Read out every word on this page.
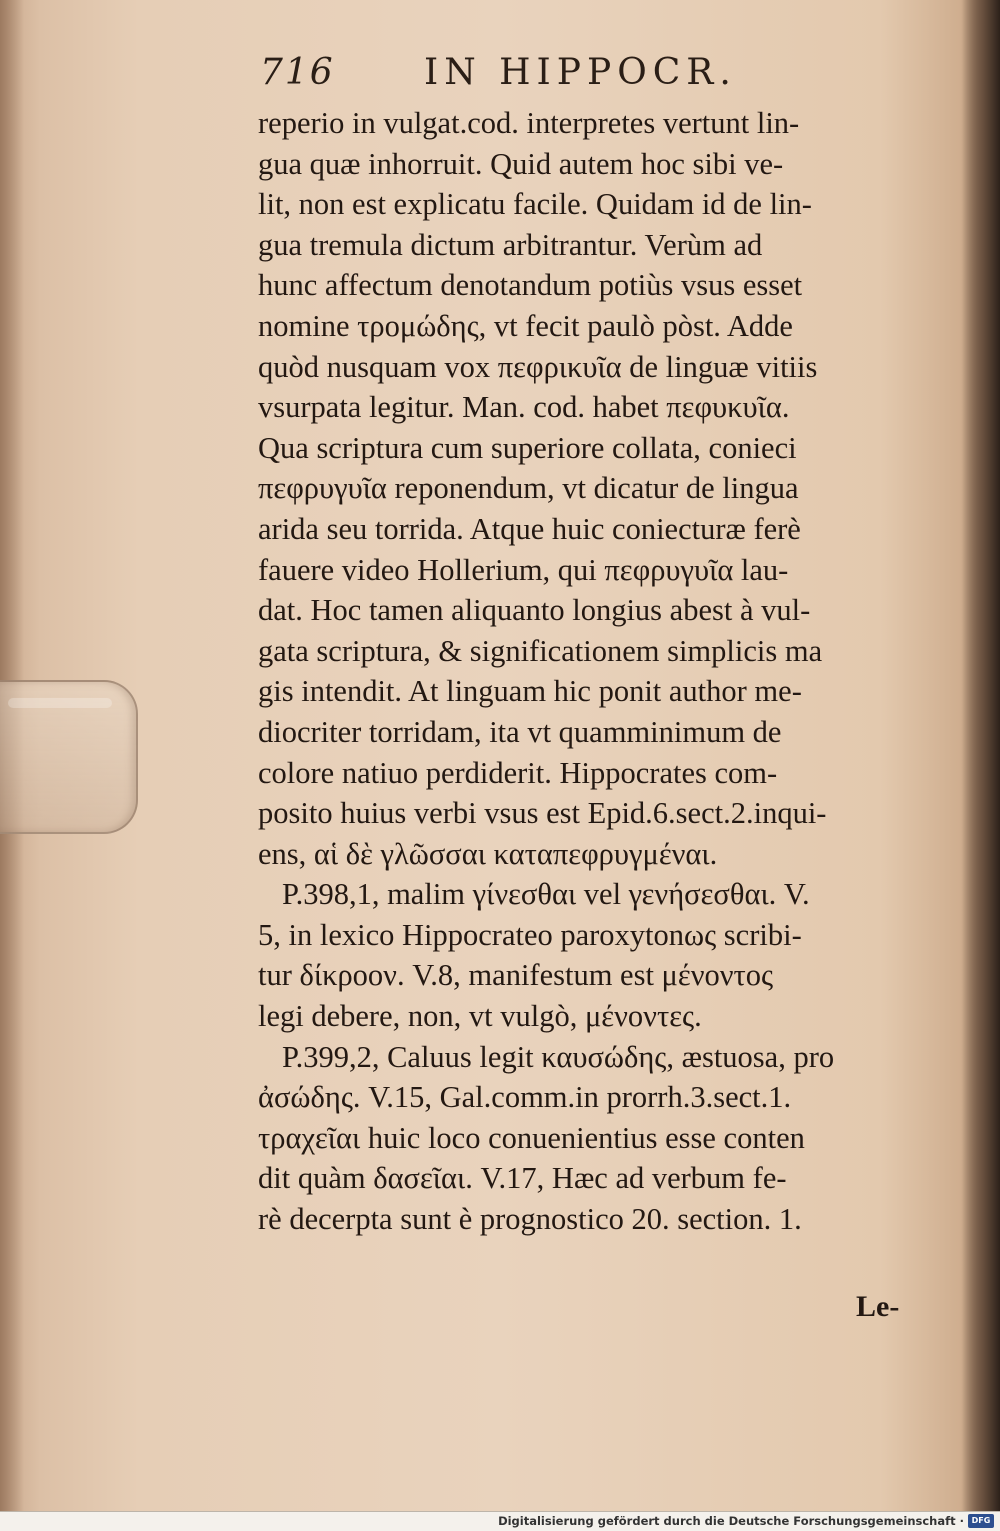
716 IN HIPPOCR.
reperio in vulgat.cod. interpretes vertunt lin-
gua quæ inhorruit. Quid autem hoc sibi ve-
lit, non est explicatu facile. Quidam id de lin-
gua tremula dictum arbitrantur. Verùm ad
hunc affectum denotandum potiùs vsus esset
nomine τρομώδης, vt fecit paulò pòst. Adde
quòd nusquam vox πεφρικυῖα de linguæ vitiis
vsurpata legitur. Man. cod. habet πεφυκυῖα.
Qua scriptura cum superiore collata, conieci
πεφρυγυῖα reponendum, vt dicatur de lingua
arida seu torrida. Atque huic coniecturæ ferè
fauere video Hollerium, qui πεφρυγυῖα lau-
dat. Hoc tamen aliquanto longius abest à vul-
gata scriptura, & significationem simplicis ma
gis intendit. At linguam hic ponit author me-
diocriter torridam, ita vt quamminimum de
colore natiuo perdiderit. Hippocrates com-
posito huius verbi vsus est Epid.6.sect.2.inqui-
ens, αἱ δὲ γλῶσσαι καταπεφρυγμέναι.
P.398,1, malim γίνεσθαι vel γενήσεσθαι. V.
5, in lexico Hippocrateo paroxytonως scribi-
tur δίκροον. V.8, manifestum est μένοντος
legi debere, non, vt vulgò, μένοντες.
P.399,2, Caluus legit καυσώδης, æstuosa, pro
ἀσώδης. V.15, Gal.comm.in prorrh.3.sect.1.
τραχεῖαι huic loco conuenientius esse conten
dit quàm δασεῖαι. V.17, Hæc ad verbum fe-
rè decerpta sunt è prognostico 20. section. 1.
Le-
Digitalisierung gefördert durch die Deutsche Forschungsgemeinschaft · DFG
